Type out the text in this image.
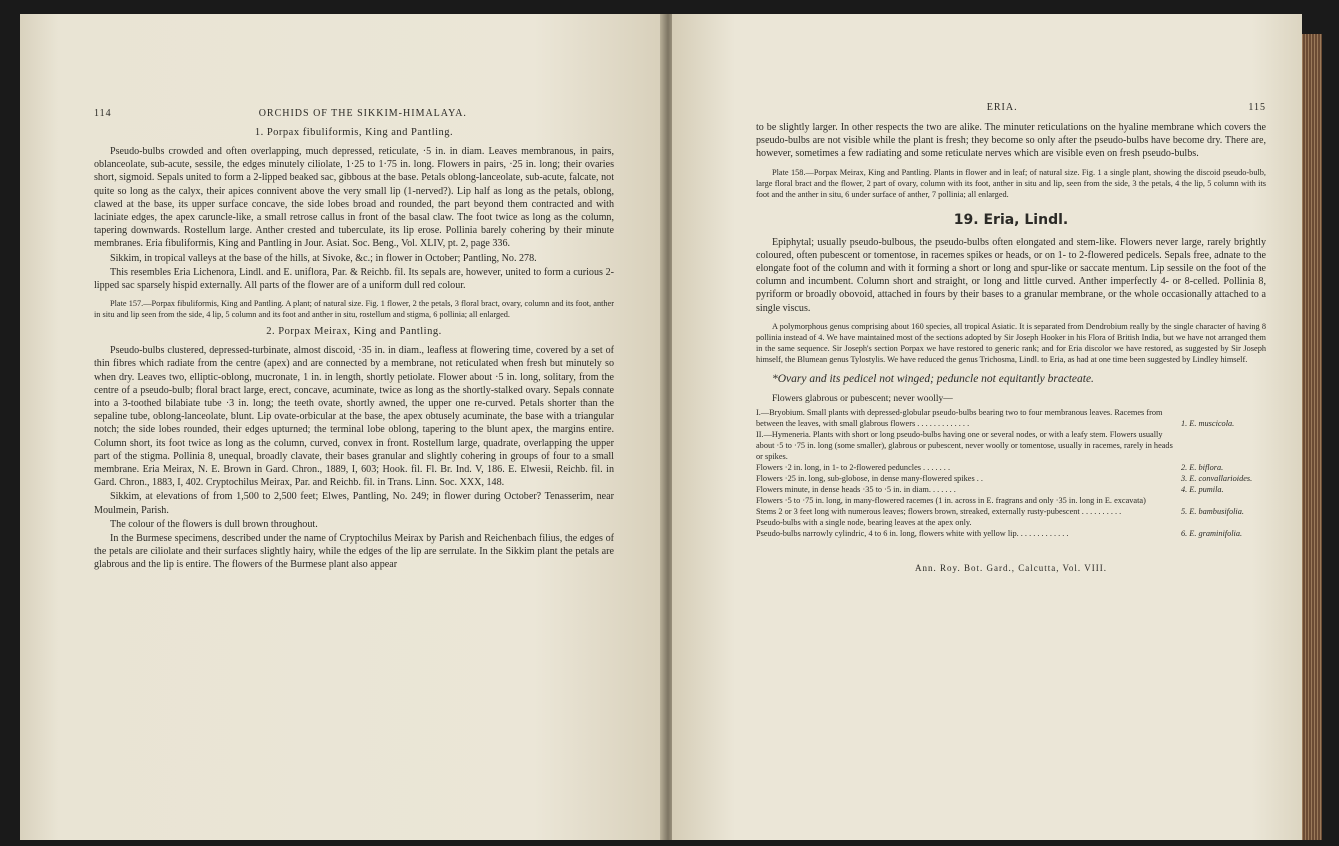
114	ORCHIDS OF THE SIKKIM-HIMALAYA.
1. Porpax fibuliformis, King and Pantling.

Pseudo-bulbs crowded and often overlapping, much depressed, reticulate, ·5 in. in diam. Leaves membranous, in pairs, oblanceolate, sub-acute, sessile, the edges minutely ciliolate, 1·25 to 1·75 in. long. Flowers in pairs, ·25 in. long; their ovaries short, sigmoid. Sepals united to form a 2-lipped beaked sac, gibbous at the base. Petals oblong-lanceolate, sub-acute, falcate, not quite so long as the calyx, their apices connivent above the very small lip (1-nerved?). Lip half as long as the petals, oblong, clawed at the base, its upper surface concave, the side lobes broad and rounded, the part beyond them contracted and with laciniate edges, the apex caruncle-like, a small retrose callus in front of the basal claw. The foot twice as long as the column, tapering downwards. Rostellum large. Anther crested and tuberculate, its lip erose. Pollinia barely cohering by their minute membranes. Eria fibuliformis, King and Pantling in Jour. Asiat. Soc. Beng., Vol. XLIV, pt. 2, page 336.

Sikkim, in tropical valleys at the base of the hills, at Sivoke, &c.; in flower in October; Pantling, No. 278.

This resembles Eria Lichenora, Lindl. and E. uniflora, Par. & Reichb. fil. Its sepals are, however, united to form a curious 2-lipped sac sparsely hispid externally. All parts of the flower are of a uniform dull red colour.

Plate 157.—Porpax fibuliformis, King and Pantling. A plant; of natural size. Fig. 1 flower, 2 the petals, 3 floral bract, ovary, column and its foot, anther in situ and lip seen from the side, 4 lip, 5 column and its foot and anther in situ, rostellum and stigma, 6 pollinia; all enlarged.

2. Porpax Meirax, King and Pantling.

Pseudo-bulbs clustered, depressed-turbinate, almost discoid, ·35 in. in diam., leafless at flowering time, covered by a set of thin fibres which radiate from the centre (apex) and are connected by a membrane, not reticulated when fresh but minutely so when dry. Leaves two, elliptic-oblong, mucronate, 1 in. in length, shortly petiolate. Flower about ·5 in. long, solitary, from the centre of a pseudo-bulb; floral bract large, erect, concave, acuminate, twice as long as the shortly-stalked ovary. Sepals connate into a 3-toothed bilabiate tube ·3 in. long; the teeth ovate, shortly awned, the upper one re-curved. Petals shorter than the sepaline tube, oblong-lanceolate, blunt. Lip ovate-orbicular at the base, the apex obtusely acuminate, the base with a triangular notch; the side lobes rounded, their edges upturned; the terminal lobe oblong, tapering to the blunt apex, the margins entire. Column short, its foot twice as long as the column, curved, convex in front. Rostellum large, quadrate, overlapping the upper part of the stigma. Pollinia 8, unequal, broadly clavate, their bases granular and slightly cohering in groups of four to a small membrane. Eria Meirax, N. E. Brown in Gard. Chron., 1889, I, 603; Hook. fil. Fl. Br. Ind. V, 186. E. Elwesii, Reichb. fil. in Gard. Chron., 1883, I, 402. Cryptochilus Meirax, Par. and Reichb. fil. in Trans. Linn. Soc. XXX, 148.

Sikkim, at elevations of from 1,500 to 2,500 feet; Elwes, Pantling, No. 249; in flower during October? Tenasserim, near Moulmein, Parish.

The colour of the flowers is dull brown throughout.

In the Burmese specimens, described under the name of Cryptochilus Meirax by Parish and Reichenbach filius, the edges of the petals are ciliolate and their surfaces slightly hairy, while the edges of the lip are serrulate. In the Sikkim plant the petals are glabrous and the lip is entire. The flowers of the Burmese plant also appear

ERIA.	115

to be slightly larger. In other respects the two are alike. The minuter reticulations on the hyaline membrane which covers the pseudo-bulbs are not visible while the plant is fresh; they become so only after the pseudo-bulbs have become dry. There are, however, sometimes a few radiating and some reticulate nerves which are visible even on fresh pseudo-bulbs.

Plate 158.—Porpax Meirax, King and Pantling. Plants in flower and in leaf; of natural size. Fig. 1 a single plant, showing the discoid pseudo-bulb, large floral bract and the flower, 2 part of ovary, column with its foot, anther in situ and lip, seen from the side, 3 the petals, 4 the lip, 5 column with its foot and the anther in situ, 6 under surface of anther, 7 pollinia; all enlarged.

19. Eria, Lindl.

Epiphytal; usually pseudo-bulbous, the pseudo-bulbs often elongated and stem-like. Flowers never large, rarely brightly coloured, often pubescent or tomentose, in racemes spikes or heads, or on 1- to 2-flowered pedicels. Sepals free, adnate to the elongate foot of the column and with it forming a short or long and spur-like or saccate mentum. Lip sessile on the foot of the column and incumbent. Column short and straight, or long and little curved. Anther imperfectly 4- or 8-celled. Pollinia 8, pyriform or broadly obovoid, attached in fours by their bases to a granular membrane, or the whole occasionally attached to a single viscus.

A polymorphous genus comprising about 160 species, all tropical Asiatic. It is separated from Dendrobium really by the single character of having 8 pollinia instead of 4. We have maintained most of the sections adopted by Sir Joseph Hooker in his Flora of British India, but we have not arranged them in the same sequence. Sir Joseph's section Porpax we have restored to generic rank; and for Eria discolor we have restored, as suggested by Sir Joseph himself, the Blumean genus Tylostylis. We have reduced the genus Trichosma, Lindl. to Eria, as had at one time been suggested by Lindley himself.

*Ovary and its pedicel not winged; peduncle not equitantly bracteate.

Flowers glabrous or pubescent; never woolly—

I.—Bryobium. Small plants with depressed-globular pseudo-bulbs bearing two to four membranous leaves. Racemes from between the leaves, with small glabrous flowers . . . . . . . . . . . . .	1. E. muscicola.
II.—Hymeneria. Plants with short or long pseudo-bulbs having one or several nodes, or with a leafy stem. Flowers usually about ·5 to ·75 in. long (some smaller), glabrous or pubescent, never woolly or tomentose, usually in racemes, rarely in heads or spikes.
Flowers ·2 in. long, in 1- to 2-flowered peduncles . . . . . . .	2. E. biflora.
Flowers ·25 in. long, sub-globose, in dense many-flowered spikes . .	3. E. convallarioides.
Flowers minute, in dense heads ·35 to ·5 in. in diam. . . . . . .	4. E. pumila.
Flowers ·5 to ·75 in. long, in many-flowered racemes (1 in. across in E. fragrans and only ·35 in. long in E. excavata)
Stems 2 or 3 feet long with numerous leaves; flowers brown, streaked, externally rusty-pubescent . . . . . . . . . .	5. E. bambusifolia.
Pseudo-bulbs with a single node, bearing leaves at the apex only.
Pseudo-bulbs narrowly cylindric, 4 to 6 in. long, flowers white with yellow lip. . . . . . . . . . . . .	6. E. graminifolia.
Ann. Roy. Bot. Gard., Calcutta, Vol. VIII.
